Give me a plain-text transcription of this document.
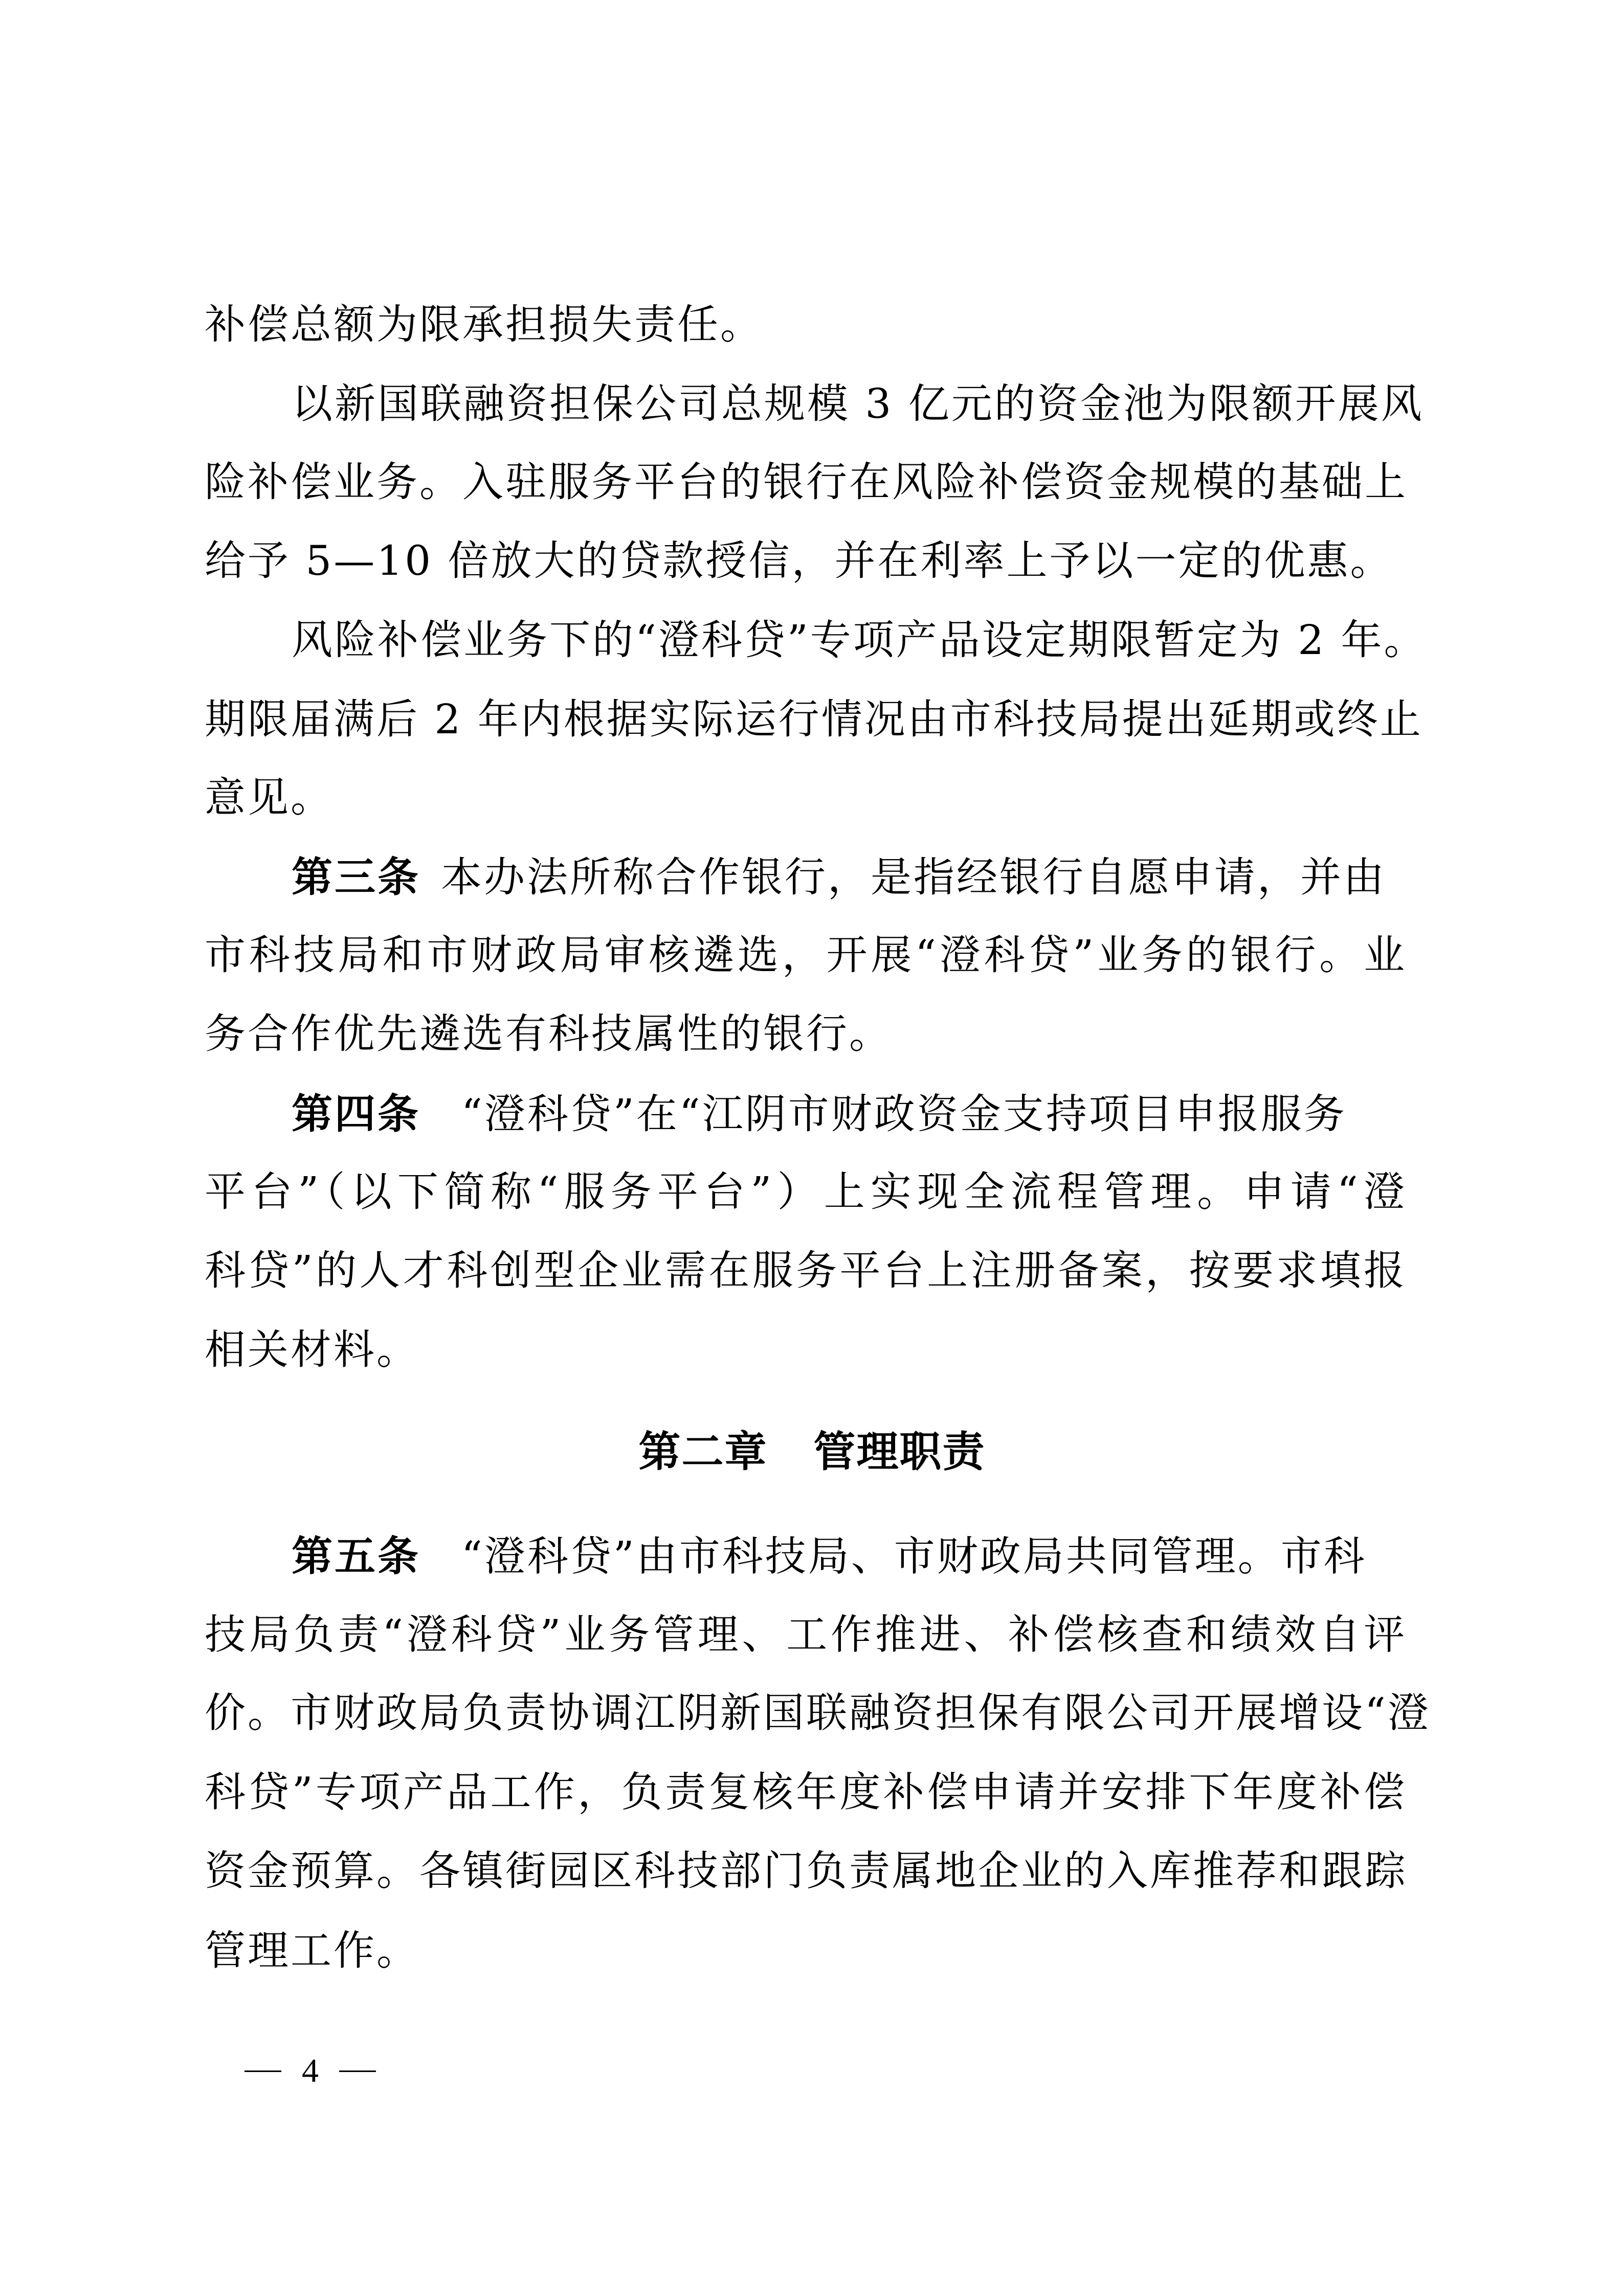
补偿总额为限承担损失责任。
以新国联融资担保公司总规模 3 亿元的资金池为限额开展风
险补偿业务。入驻服务平台的银行在风险补偿资金规模的基础上
给予 5—10 倍放大的贷款授信，并在利率上予以一定的优惠。
风险补偿业务下的“澄科贷”专项产品设定期限暂定为 2 年。
期限届满后 2 年内根据实际运行情况由市科技局提出延期或终止
意见。
第三条 本办法所称合作银行，是指经银行自愿申请，并由
市科技局和市财政局审核遴选，开展“澄科贷”业务的银行。业
务合作优先遴选有科技属性的银行。
第四条 “澄科贷”在“江阴市财政资金支持项目申报服务
平台”（以下简称“服务平台”）上实现全流程管理。申请“澄
科贷”的人才科创型企业需在服务平台上注册备案，按要求填报
相关材料。
第二章 管理职责
第五条 “澄科贷”由市科技局、市财政局共同管理。市科
技局负责“澄科贷”业务管理、工作推进、补偿核查和绩效自评
价。市财政局负责协调江阴新国联融资担保有限公司开展增设“澄
科贷”专项产品工作，负责复核年度补偿申请并安排下年度补偿
资金预算。各镇街园区科技部门负责属地企业的入库推荐和跟踪
管理工作。
4
